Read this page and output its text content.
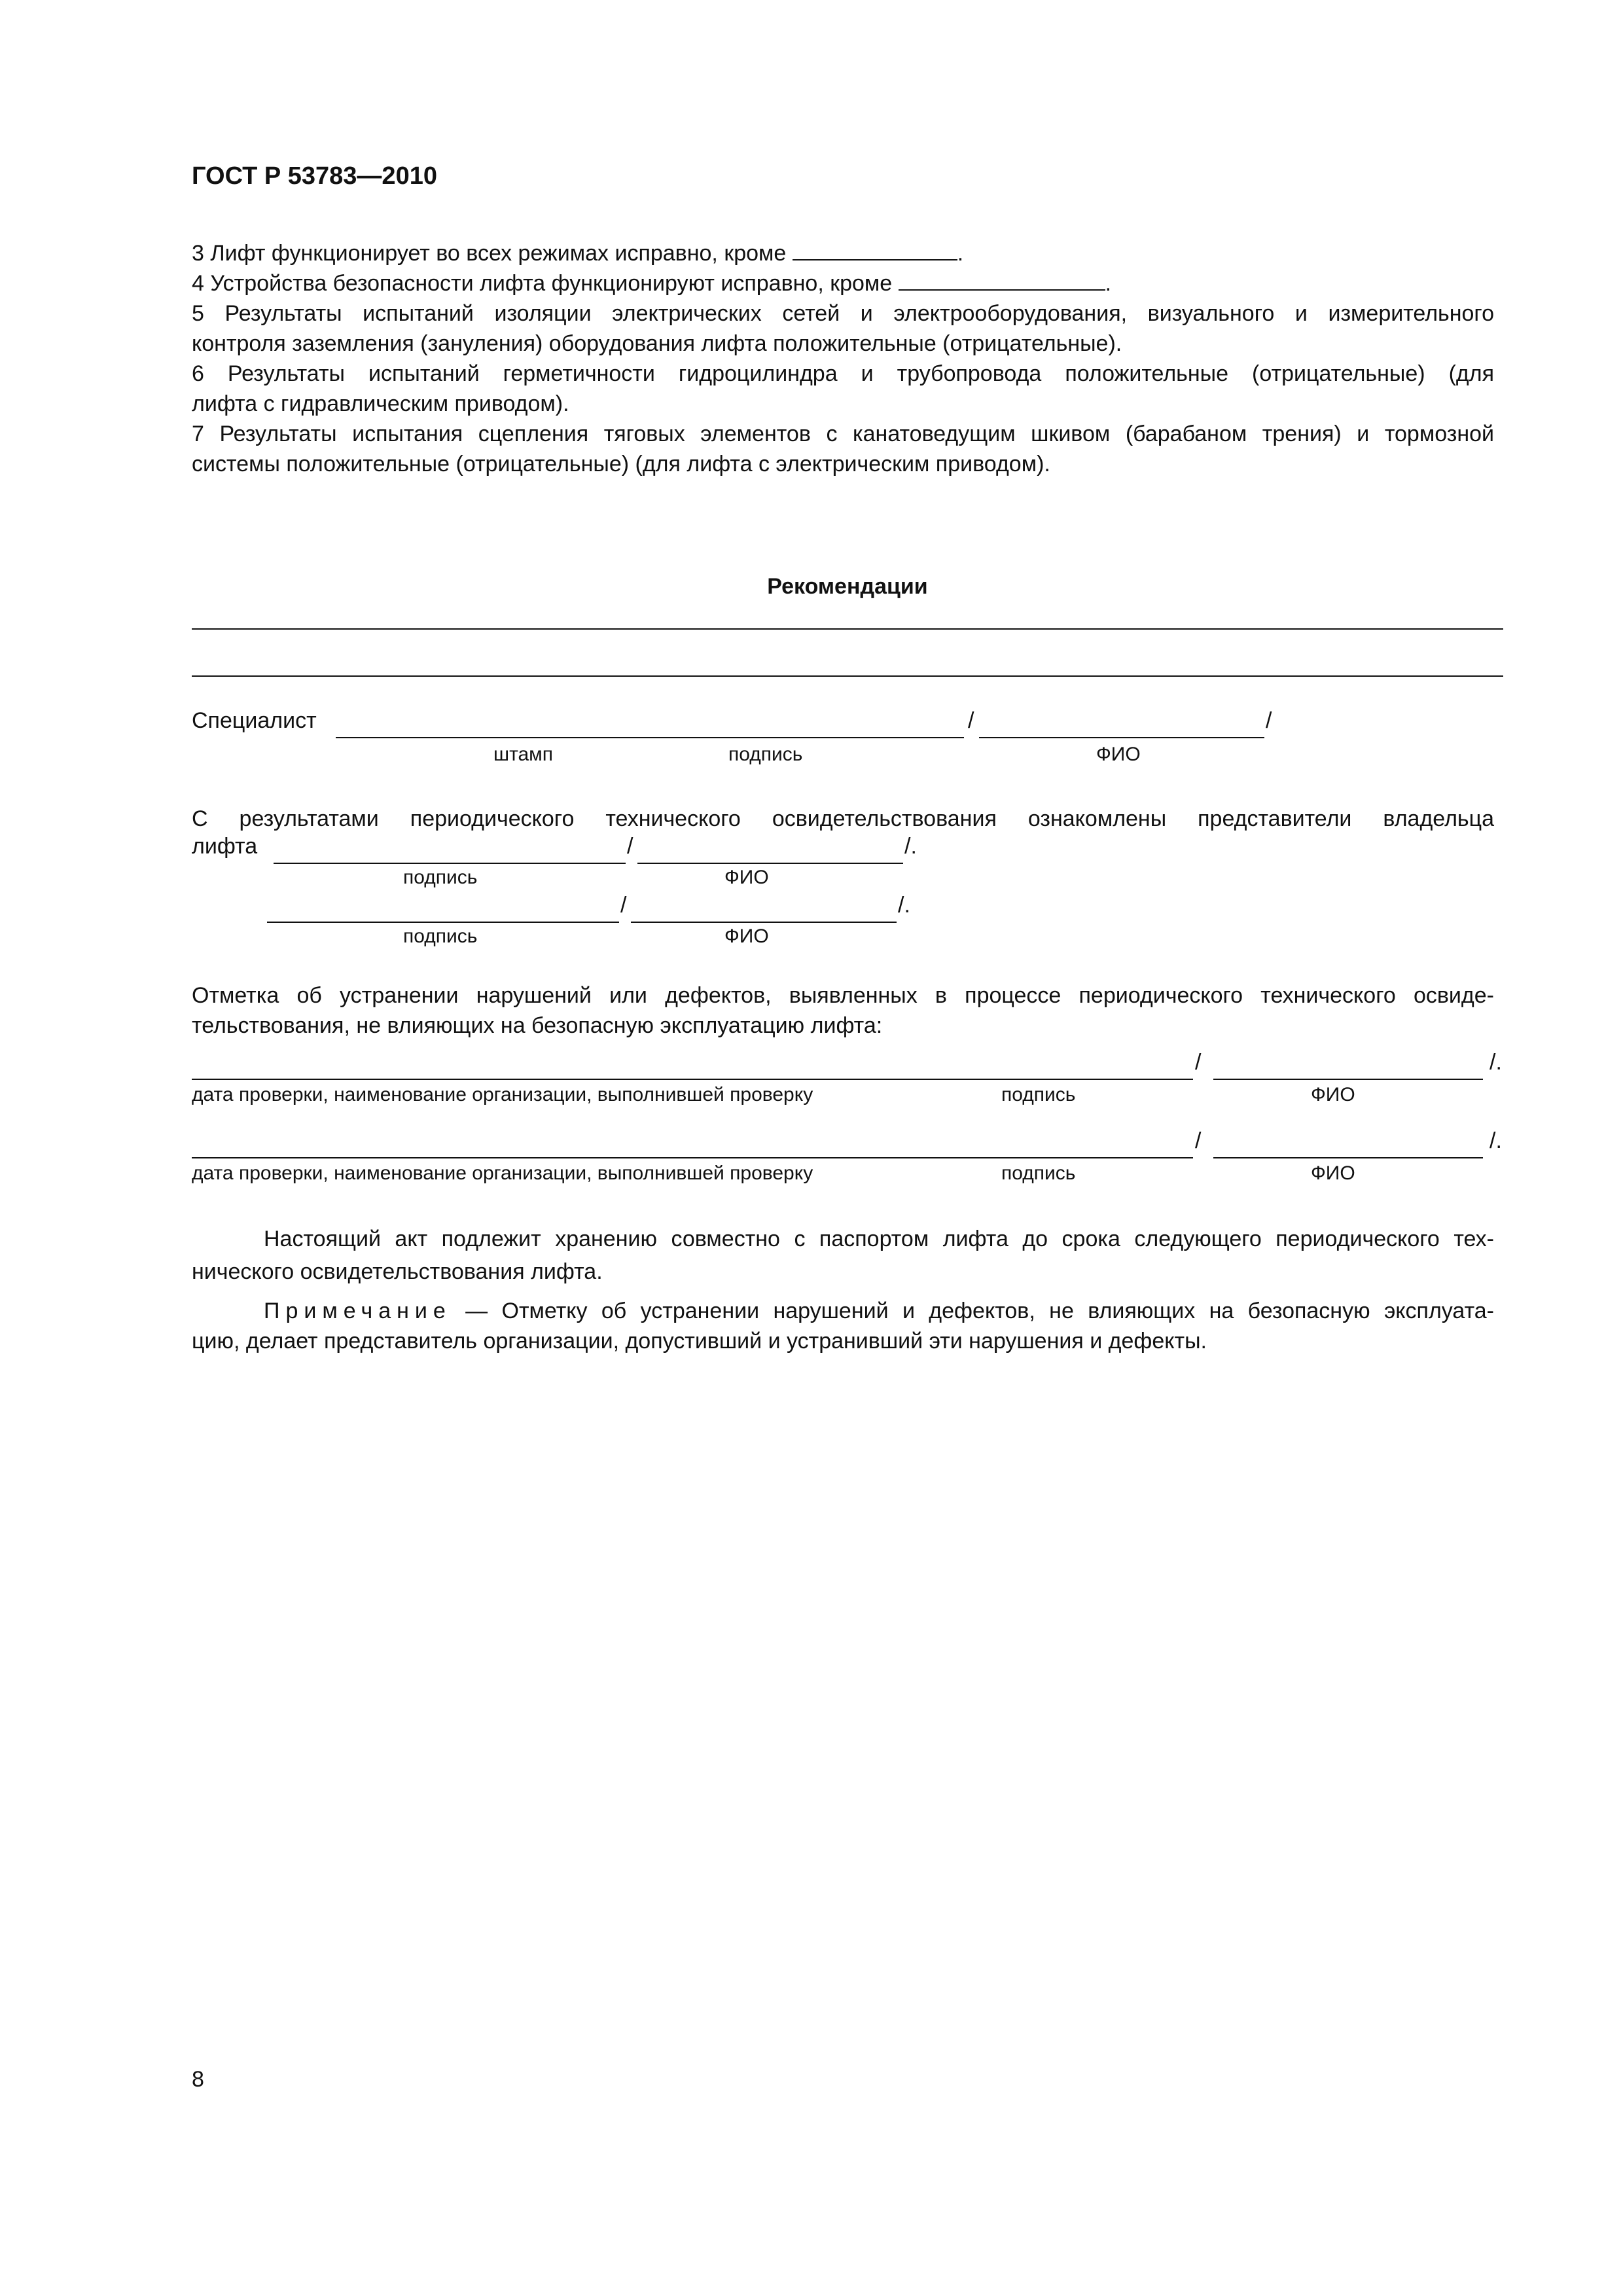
ГОСТ Р 53783—2010
3 Лифт функционирует во всех режимах исправно, кроме	.
4 Устройства безопасности лифта функционируют исправно, кроме	.
5 Результаты испытаний изоляции электрических сетей и электрооборудования, визуального и измерительного
контроля заземления (зануления) оборудования лифта положительные (отрицательные).
6 Результаты испытаний герметичности гидроцилиндра и трубопровода положительные (отрицательные) (для
лифта с гидравлическим приводом).
7 Результаты испытания сцепления тяговых элементов с канатоведущим шкивом (барабаном трения) и тормозной
системы положительные (отрицательные) (для лифта с электрическим приводом).
Рекомендации
Специалист	/	/
штамп	подпись	ФИО
С результатами периодического технического освидетельствования ознакомлены представители владельца
лифта	/	/.
подпись	ФИО
/	/.
подпись	ФИО
Отметка об устранении нарушений или дефектов, выявленных в процессе периодического технического освиде-
тельствования, не влияющих на безопасную эксплуатацию лифта:
/	/.
дата проверки, наименование организации, выполнившей проверку	подпись	ФИО
/	/.
дата проверки, наименование организации, выполнившей проверку	подпись	ФИО
Настоящий акт подлежит хранению совместно с паспортом лифта до срока следующего периодического тех-
нического освидетельствования лифта.
Примечание — Отметку об устранении нарушений и дефектов, не влияющих на безопасную эксплуата-
цию, делает представитель организации, допустивший и устранивший эти нарушения и дефекты.
8
